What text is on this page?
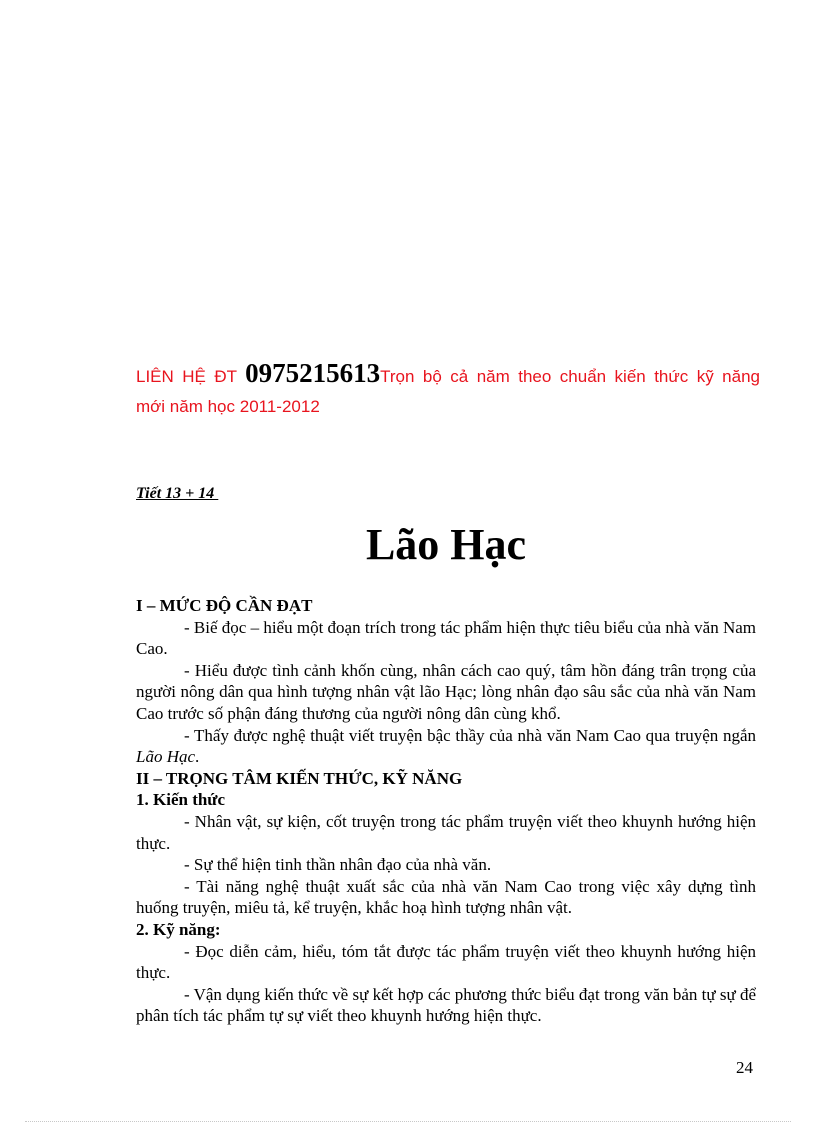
LIÊN HỆ ĐT 0975215613Trọn bộ cả năm theo chuẩn kiến thức kỹ năng
mới năm học 2011-2012
Tiết 13 + 14
Lão Hạc

I – MỨC ĐỘ CẦN ĐẠT

- Biế đọc – hiểu một đoạn trích trong tác phẩm hiện thực tiêu biểu của nhà văn Nam Cao.

- Hiểu được tình cảnh khốn cùng, nhân cách cao quý, tâm hồn đáng trân trọng của người nông dân qua hình tượng nhân vật lão Hạc; lòng nhân đạo sâu sắc của nhà văn Nam Cao trước số phận đáng thương của người nông dân cùng khổ.

- Thấy được nghệ thuật viết truyện bậc thầy của nhà văn Nam Cao qua truyện ngắn Lão Hạc.

II – TRỌNG TÂM KIẾN THỨC, KỸ NĂNG

1. Kiến thức

- Nhân vật, sự kiện, cốt truyện trong tác phẩm truyện viết theo khuynh hướng hiện thực.

- Sự thể hiện tinh thần nhân đạo của nhà văn.

- Tài năng nghệ thuật xuất sắc của nhà văn Nam Cao trong việc xây dựng tình huống truyện, miêu tả, kể truyện, khắc hoạ hình tượng nhân vật.

2. Kỹ năng:

- Đọc diễn cảm, hiểu, tóm tắt được tác phẩm truyện viết theo khuynh hướng hiện thực.

- Vận dụng kiến thức về sự kết hợp các phương thức biểu đạt trong văn bản tự sự để phân tích tác phẩm tự sự viết theo khuynh hướng hiện thực.

24
